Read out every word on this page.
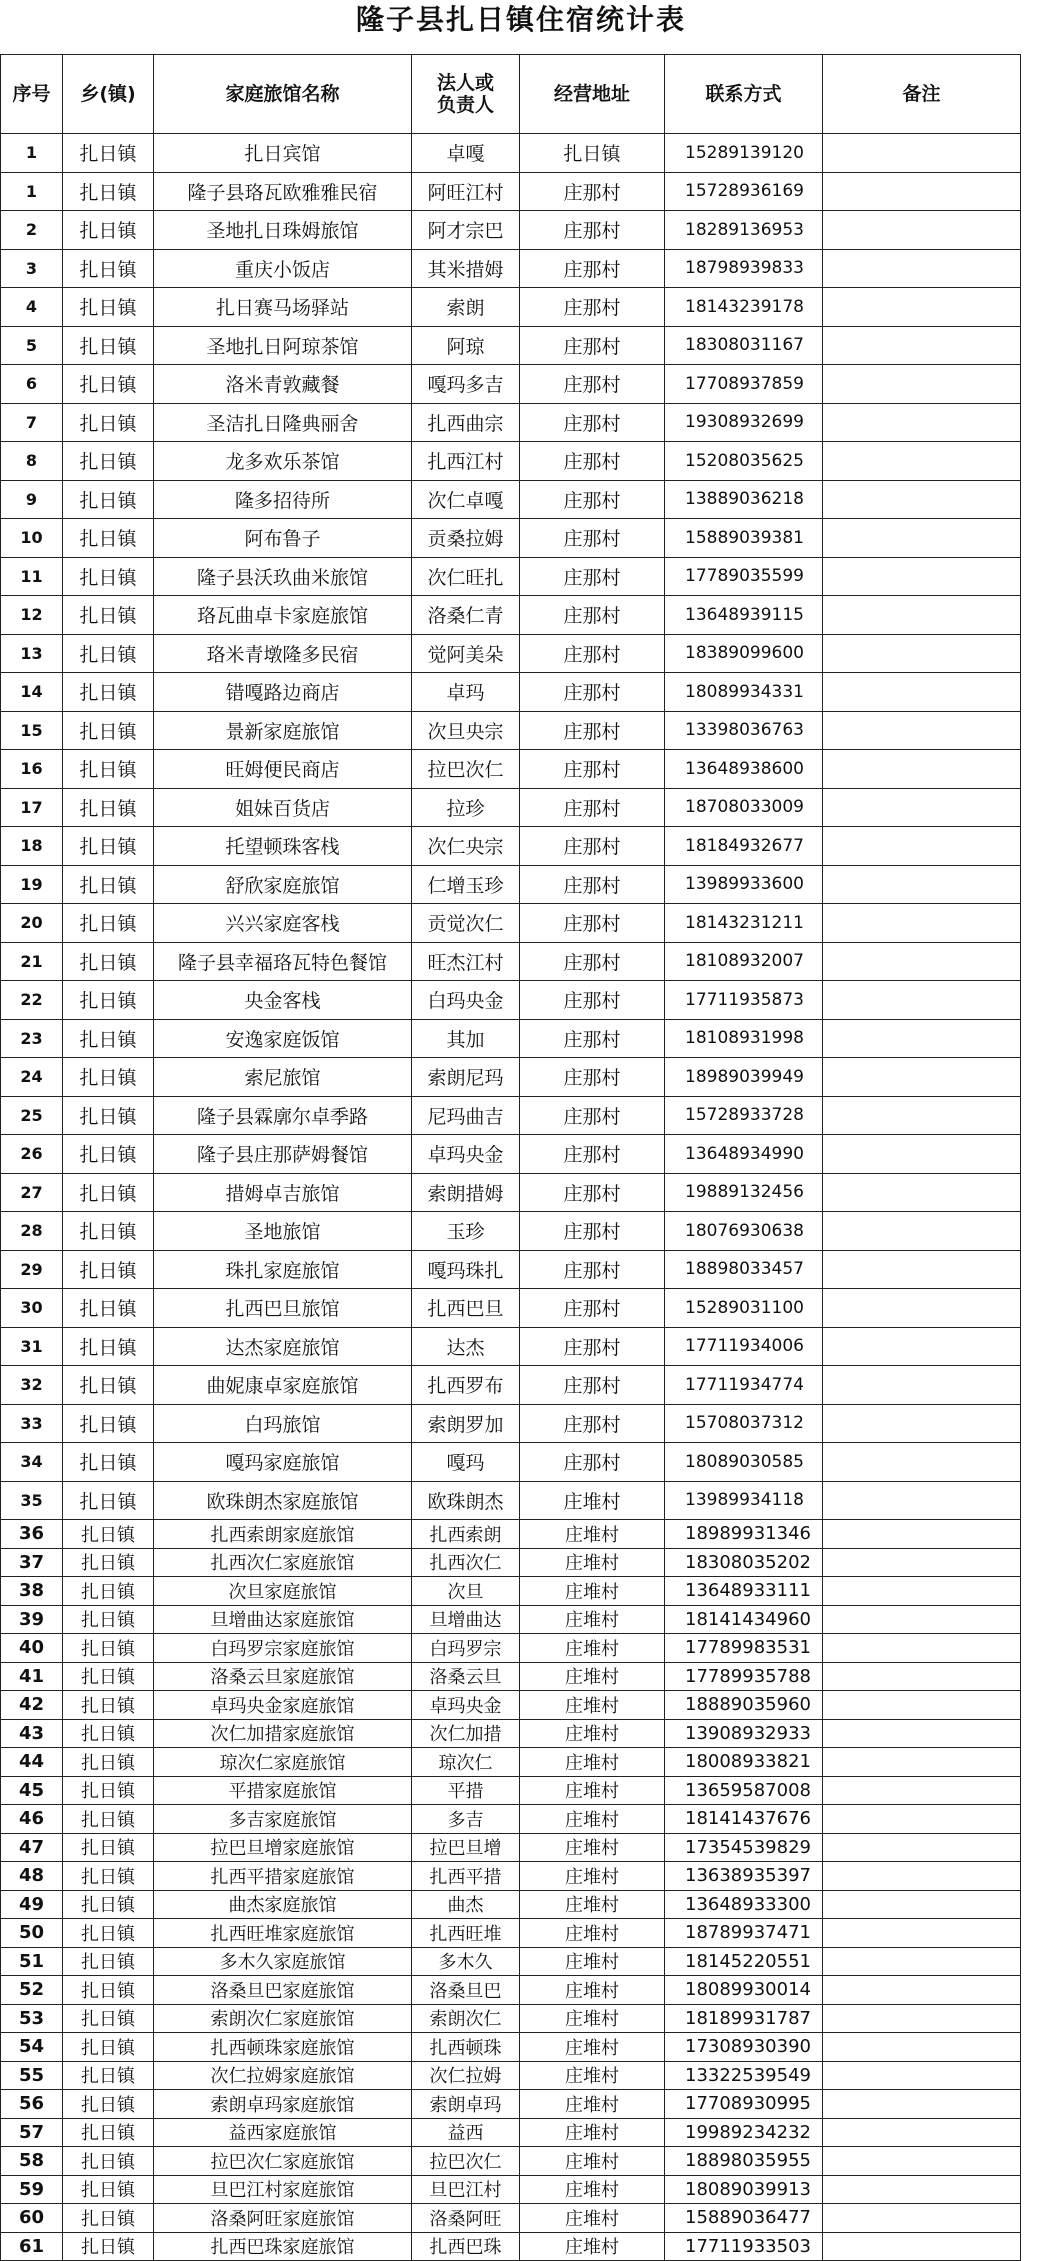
隆子县扎日镇住宿统计表
序号	乡(镇)	家庭旅馆名称	法人或
负责人	经营地址	联系方式	备注
1	扎日镇	扎日宾馆	卓嘎	扎日镇	15289139120	
1	扎日镇	隆子县珞瓦欧雅雅民宿	阿旺江村	庄那村	15728936169	
2	扎日镇	圣地扎日珠姆旅馆	阿才宗巴	庄那村	18289136953	
3	扎日镇	重庆小饭店	其米措姆	庄那村	18798939833	
4	扎日镇	扎日赛马场驿站	索朗	庄那村	18143239178	
5	扎日镇	圣地扎日阿琼茶馆	阿琼	庄那村	18308031167	
6	扎日镇	洛米青敦藏餐	嘎玛多吉	庄那村	17708937859	
7	扎日镇	圣洁扎日隆典丽舍	扎西曲宗	庄那村	19308932699	
8	扎日镇	龙多欢乐茶馆	扎西江村	庄那村	15208035625	
9	扎日镇	隆多招待所	次仁卓嘎	庄那村	13889036218	
10	扎日镇	阿布鲁子	贡桑拉姆	庄那村	15889039381	
11	扎日镇	隆子县沃玖曲米旅馆	次仁旺扎	庄那村	17789035599	
12	扎日镇	珞瓦曲卓卡家庭旅馆	洛桑仁青	庄那村	13648939115	
13	扎日镇	珞米青墩隆多民宿	觉阿美朵	庄那村	18389099600	
14	扎日镇	错嘎路边商店	卓玛	庄那村	18089934331	
15	扎日镇	景新家庭旅馆	次旦央宗	庄那村	13398036763	
16	扎日镇	旺姆便民商店	拉巴次仁	庄那村	13648938600	
17	扎日镇	姐妹百货店	拉珍	庄那村	18708033009	
18	扎日镇	托望顿珠客栈	次仁央宗	庄那村	18184932677	
19	扎日镇	舒欣家庭旅馆	仁增玉珍	庄那村	13989933600	
20	扎日镇	兴兴家庭客栈	贡觉次仁	庄那村	18143231211	
21	扎日镇	隆子县幸福珞瓦特色餐馆	旺杰江村	庄那村	18108932007	
22	扎日镇	央金客栈	白玛央金	庄那村	17711935873	
23	扎日镇	安逸家庭饭馆	其加	庄那村	18108931998	
24	扎日镇	索尼旅馆	索朗尼玛	庄那村	18989039949	
25	扎日镇	隆子县霖廓尔卓季路	尼玛曲吉	庄那村	15728933728	
26	扎日镇	隆子县庄那萨姆餐馆	卓玛央金	庄那村	13648934990	
27	扎日镇	措姆卓吉旅馆	索朗措姆	庄那村	19889132456	
28	扎日镇	圣地旅馆	玉珍	庄那村	18076930638	
29	扎日镇	珠扎家庭旅馆	嘎玛珠扎	庄那村	18898033457	
30	扎日镇	扎西巴旦旅馆	扎西巴旦	庄那村	15289031100	
31	扎日镇	达杰家庭旅馆	达杰	庄那村	17711934006	
32	扎日镇	曲妮康卓家庭旅馆	扎西罗布	庄那村	17711934774	
33	扎日镇	白玛旅馆	索朗罗加	庄那村	15708037312	
34	扎日镇	嘎玛家庭旅馆	嘎玛	庄那村	18089030585	
35	扎日镇	欧珠朗杰家庭旅馆	欧珠朗杰	庄堆村	13989934118	
36	扎日镇	扎西索朗家庭旅馆	扎西索朗	庄堆村	18989931346	
37	扎日镇	扎西次仁家庭旅馆	扎西次仁	庄堆村	18308035202	
38	扎日镇	次旦家庭旅馆	次旦	庄堆村	13648933111	
39	扎日镇	旦增曲达家庭旅馆	旦增曲达	庄堆村	18141434960	
40	扎日镇	白玛罗宗家庭旅馆	白玛罗宗	庄堆村	17789983531	
41	扎日镇	洛桑云旦家庭旅馆	洛桑云旦	庄堆村	17789935788	
42	扎日镇	卓玛央金家庭旅馆	卓玛央金	庄堆村	18889035960	
43	扎日镇	次仁加措家庭旅馆	次仁加措	庄堆村	13908932933	
44	扎日镇	琼次仁家庭旅馆	琼次仁	庄堆村	18008933821	
45	扎日镇	平措家庭旅馆	平措	庄堆村	13659587008	
46	扎日镇	多吉家庭旅馆	多吉	庄堆村	18141437676	
47	扎日镇	拉巴旦增家庭旅馆	拉巴旦增	庄堆村	17354539829	
48	扎日镇	扎西平措家庭旅馆	扎西平措	庄堆村	13638935397	
49	扎日镇	曲杰家庭旅馆	曲杰	庄堆村	13648933300	
50	扎日镇	扎西旺堆家庭旅馆	扎西旺堆	庄堆村	18789937471	
51	扎日镇	多木久家庭旅馆	多木久	庄堆村	18145220551	
52	扎日镇	洛桑旦巴家庭旅馆	洛桑旦巴	庄堆村	18089930014	
53	扎日镇	索朗次仁家庭旅馆	索朗次仁	庄堆村	18189931787	
54	扎日镇	扎西顿珠家庭旅馆	扎西顿珠	庄堆村	17308930390	
55	扎日镇	次仁拉姆家庭旅馆	次仁拉姆	庄堆村	13322539549	
56	扎日镇	索朗卓玛家庭旅馆	索朗卓玛	庄堆村	17708930995	
57	扎日镇	益西家庭旅馆	益西	庄堆村	19989234232	
58	扎日镇	拉巴次仁家庭旅馆	拉巴次仁	庄堆村	18898035955	
59	扎日镇	旦巴江村家庭旅馆	旦巴江村	庄堆村	18089039913	
60	扎日镇	洛桑阿旺家庭旅馆	洛桑阿旺	庄堆村	15889036477	
61	扎日镇	扎西巴珠家庭旅馆	扎西巴珠	庄堆村	17711933503	
